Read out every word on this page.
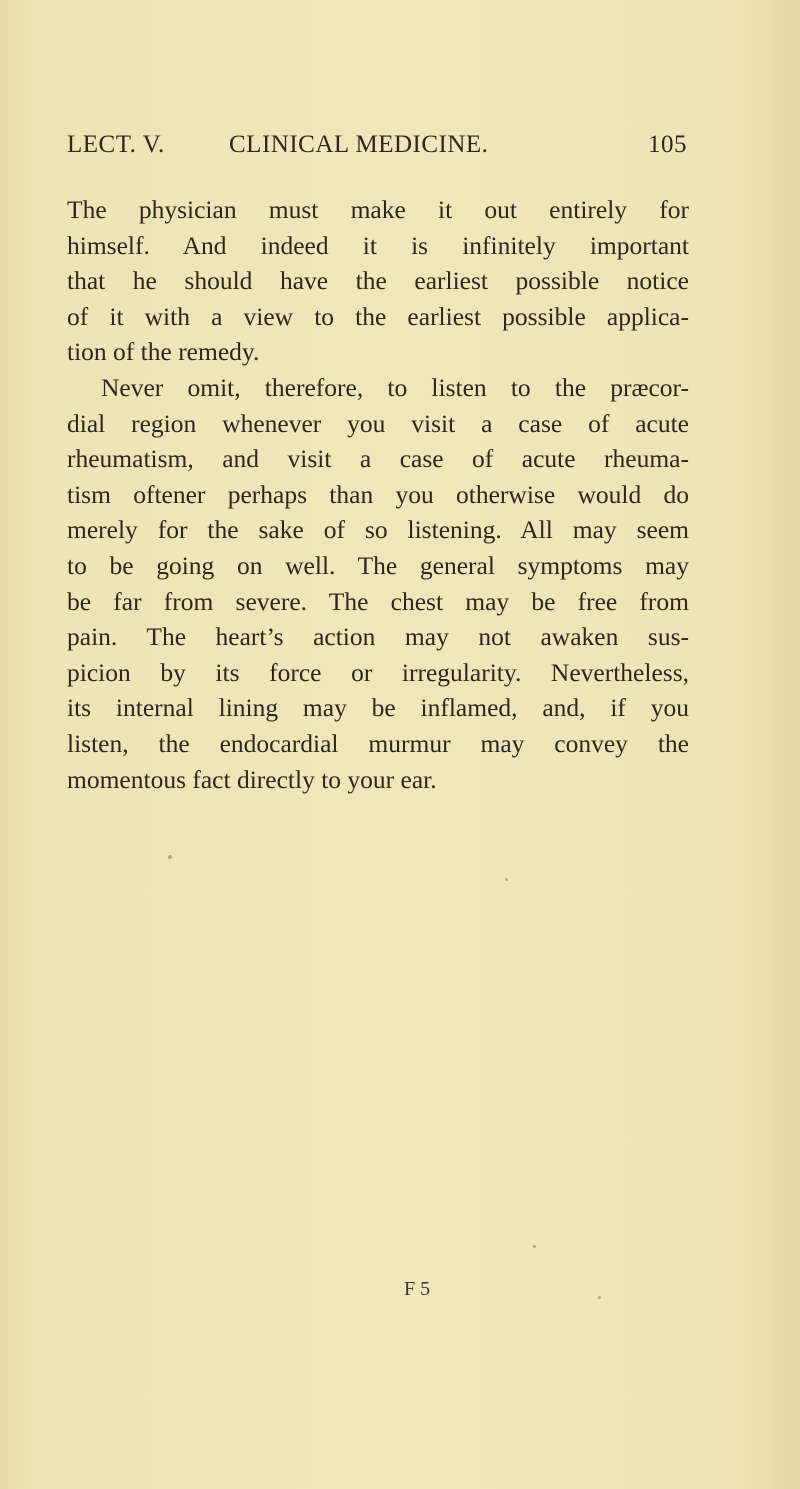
LECT. V.	CLINICAL MEDICINE.	105
The physician must make it out entirely for
himself. And indeed it is infinitely important
that he should have the earliest possible notice
of it with a view to the earliest possible applica-
tion of the remedy.
Never omit, therefore, to listen to the præcor-
dial region whenever you visit a case of acute
rheumatism, and visit a case of acute rheuma-
tism oftener perhaps than you otherwise would do
merely for the sake of so listening. All may seem
to be going on well. The general symptoms may
be far from severe. The chest may be free from
pain. The heart’s action may not awaken sus-
picion by its force or irregularity. Nevertheless,
its internal lining may be inflamed, and, if you
listen, the endocardial murmur may convey the
momentous fact directly to your ear.
F 5
